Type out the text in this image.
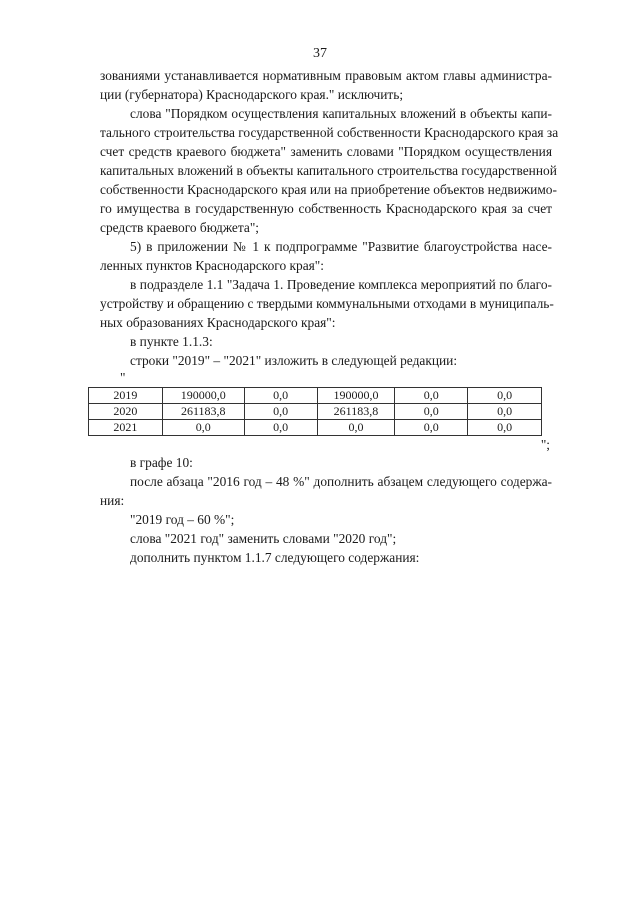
37
зованиями устанавливается нормативным правовым актом главы администра-
ции (губернатора) Краснодарского края." исключить;
слова "Порядком осуществления капитальных вложений в объекты капи-
тального строительства государственной собственности Краснодарского края за
счет средств краевого бюджета" заменить словами "Порядком осуществления
капитальных вложений в объекты капитального строительства государственной
собственности Краснодарского края или на приобретение объектов недвижимо-
го имущества в государственную собственность Краснодарского края за счет
средств краевого бюджета";
5) в приложении № 1 к подпрограмме "Развитие благоустройства насе-
ленных пунктов Краснодарского края":
в подразделе 1.1 "Задача 1. Проведение комплекса мероприятий по благо-
устройству и обращению с твердыми коммунальными отходами в муниципаль-
ных образованиях Краснодарского края":
в пункте 1.1.3:
строки "2019" – "2021" изложить в следующей редакции:
"
2019	190000,0	0,0	190000,0	0,0	0,0
2020	261183,8	0,0	261183,8	0,0	0,0
2021	0,0	0,0	0,0	0,0	0,0
";
в графе 10:
после абзаца "2016 год – 48 %" дополнить абзацем следующего содержа-
ния:
"2019 год – 60 %";
слова "2021 год" заменить словами "2020 год";
дополнить пунктом 1.1.7 следующего содержания:
